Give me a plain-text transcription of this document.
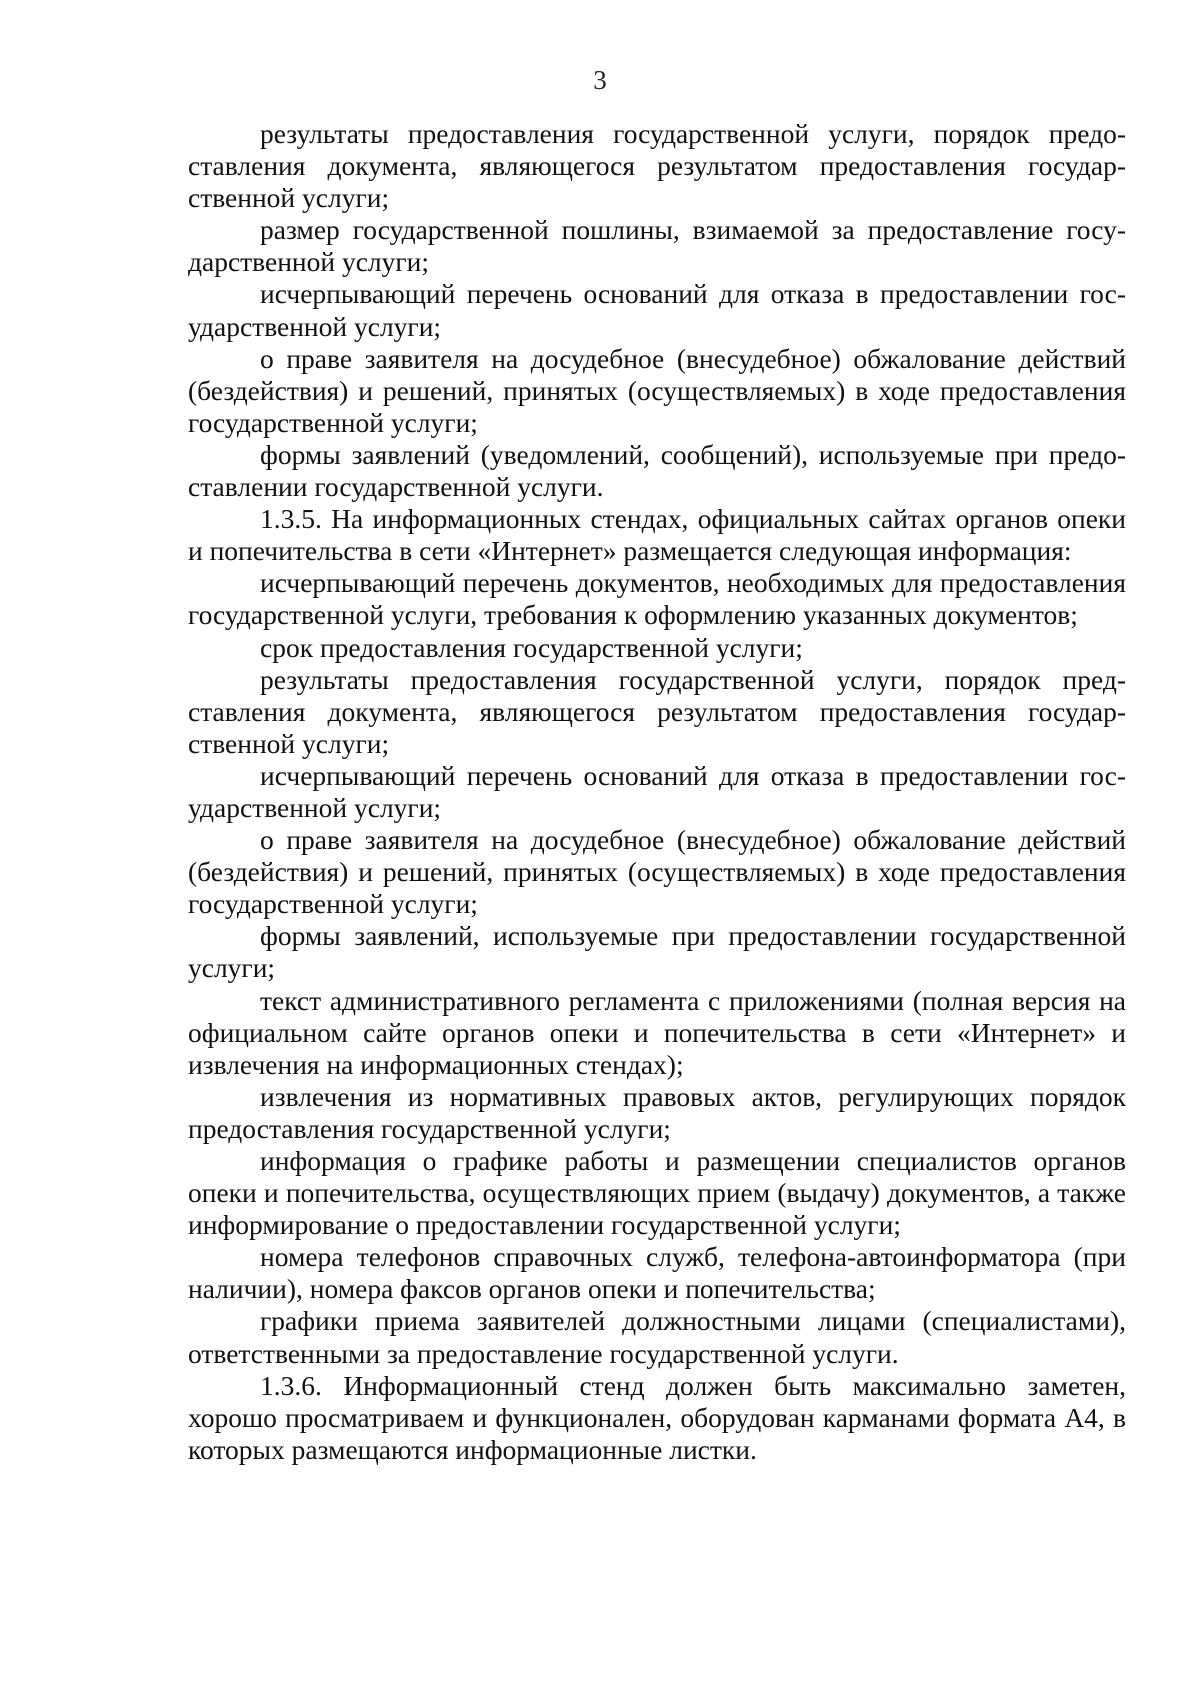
3

результаты предоставления государственной услуги, порядок предоставления документа, являющегося результатом предоставления государственной услуги;

размер государственной пошлины, взимаемой за предоставление государственной услуги;

исчерпывающий перечень оснований для отказа в предоставлении государственной услуги;

о праве заявителя на досудебное (внесудебное) обжалование действий (бездействия) и решений, принятых (осуществляемых) в ходе предоставления государственной услуги;

формы заявлений (уведомлений, сообщений), используемые при предоставлении государственной услуги.

1.3.5. На информационных стендах, официальных сайтах органов опеки и попечительства в сети «Интернет» размещается следующая информация:

исчерпывающий перечень документов, необходимых для предоставления государственной услуги, требования к оформлению указанных документов;

срок предоставления государственной услуги;

результаты предоставления государственной услуги, порядок представления документа, являющегося результатом предоставления государственной услуги;

исчерпывающий перечень оснований для отказа в предоставлении государственной услуги;

о праве заявителя на досудебное (внесудебное) обжалование действий (бездействия) и решений, принятых (осуществляемых) в ходе предоставления государственной услуги;

формы заявлений, используемые при предоставлении государственной услуги;

текст административного регламента с приложениями (полная версия на официальном сайте органов опеки и попечительства в сети «Интернет» и извлечения на информационных стендах);

извлечения из нормативных правовых актов, регулирующих порядок предоставления государственной услуги;

информация о графике работы и размещении специалистов органов опеки и попечительства, осуществляющих прием (выдачу) документов, а также информирование о предоставлении государственной услуги;

номера телефонов справочных служб, телефона-автоинформатора (при наличии), номера факсов органов опеки и попечительства;

графики приема заявителей должностными лицами (специалистами), ответственными за предоставление государственной услуги.

1.3.6. Информационный стенд должен быть максимально заметен, хорошо просматриваем и функционален, оборудован карманами формата А4, в которых размещаются информационные листки.
